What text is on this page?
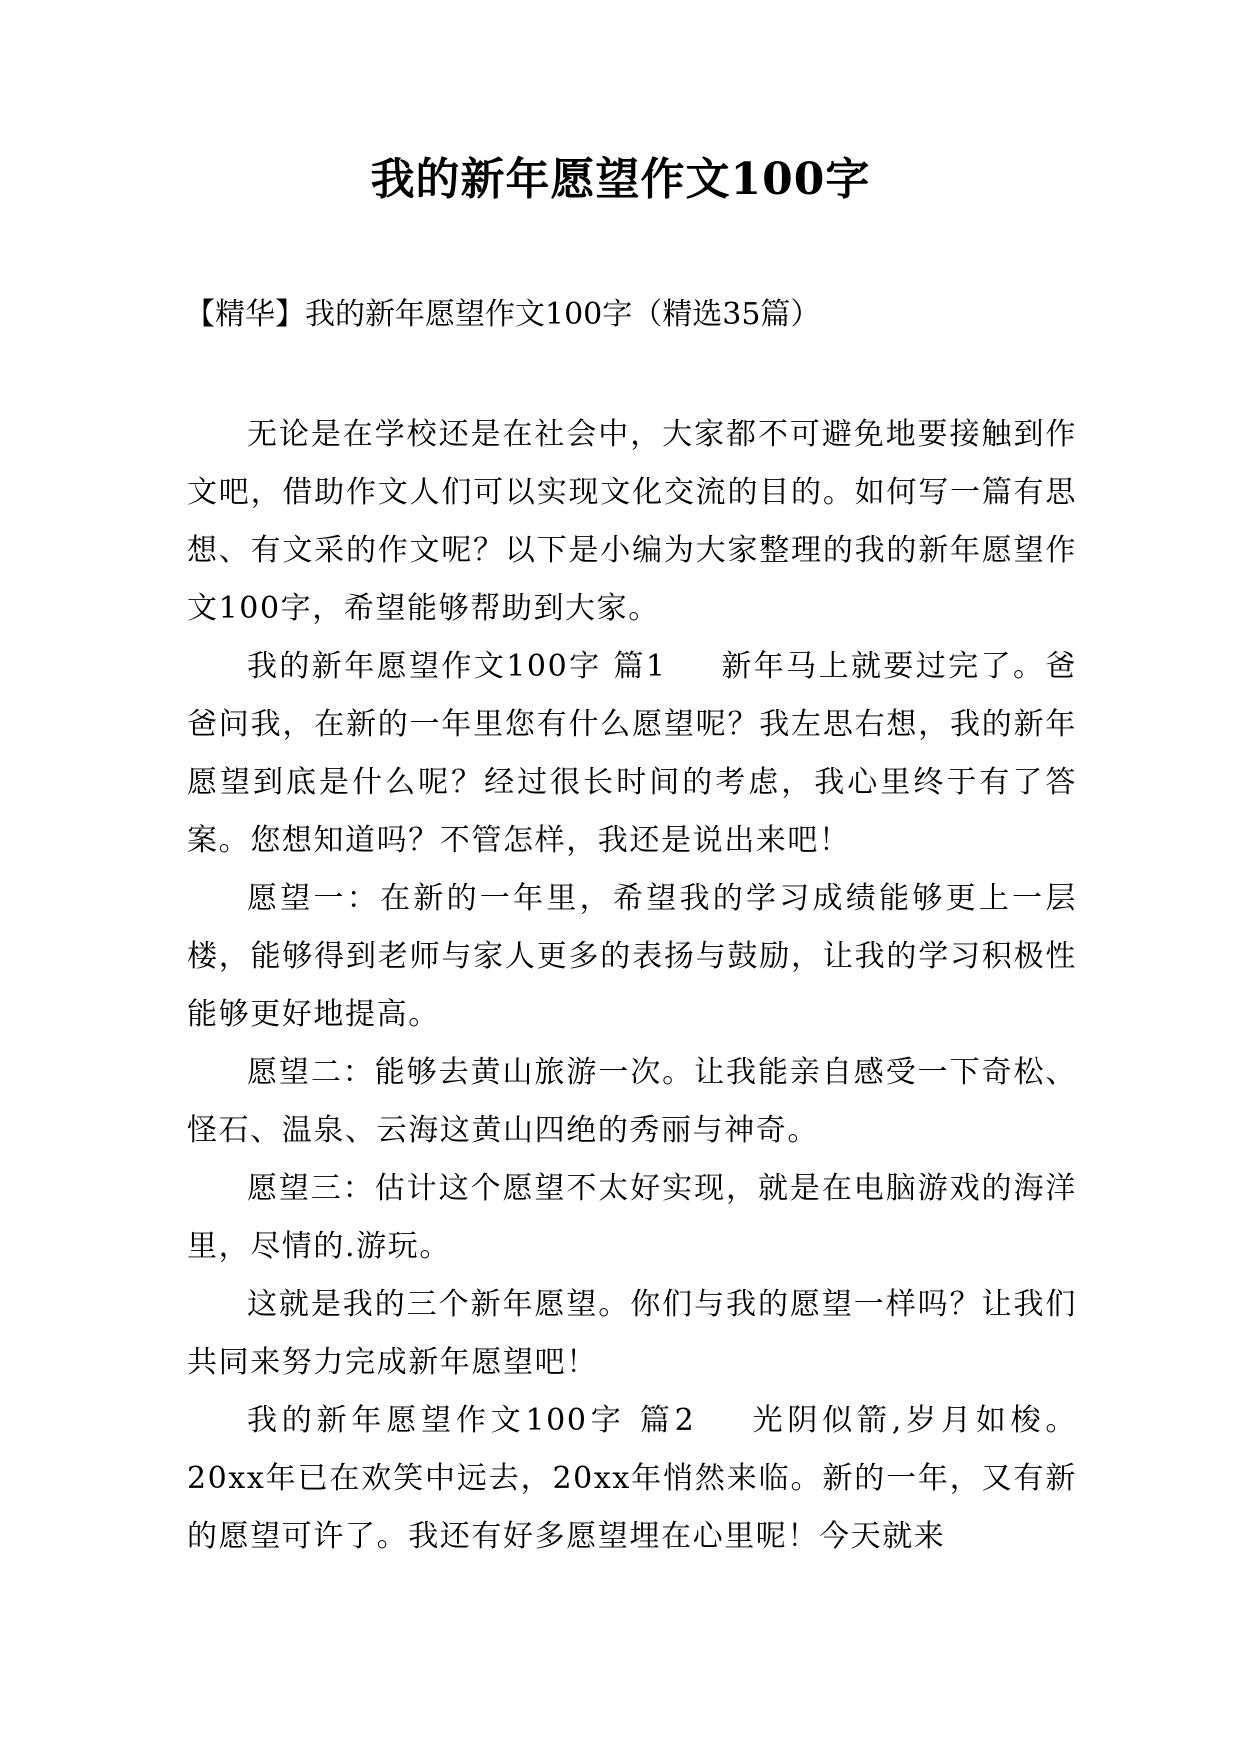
我的新年愿望作文100字

【精华】我的新年愿望作文100字（精选35篇）

无论是在学校还是在社会中，大家都不可避免地要接触到作文吧，借助作文人们可以实现文化交流的目的。如何写一篇有思想、有文采的作文呢？以下是小编为大家整理的我的新年愿望作文100字，希望能够帮助到大家。

我的新年愿望作文100字 篇1 新年马上就要过完了。爸爸问我，在新的一年里您有什么愿望呢？我左思右想，我的新年愿望到底是什么呢？经过很长时间的考虑，我心里终于有了答案。您想知道吗？不管怎样，我还是说出来吧！

愿望一：在新的一年里，希望我的学习成绩能够更上一层楼，能够得到老师与家人更多的表扬与鼓励，让我的学习积极性能够更好地提高。

愿望二：能够去黄山旅游一次。让我能亲自感受一下奇松、怪石、温泉、云海这黄山四绝的秀丽与神奇。

愿望三：估计这个愿望不太好实现，就是在电脑游戏的海洋里，尽情的.游玩。

这就是我的三个新年愿望。你们与我的愿望一样吗？让我们共同来努力完成新年愿望吧！

我的新年愿望作文100字 篇2 光阴似箭,岁月如梭。20xx年已在欢笑中远去，20xx年悄然来临。新的一年，又有新的愿望可许了。我还有好多愿望埋在心里呢！今天就来
